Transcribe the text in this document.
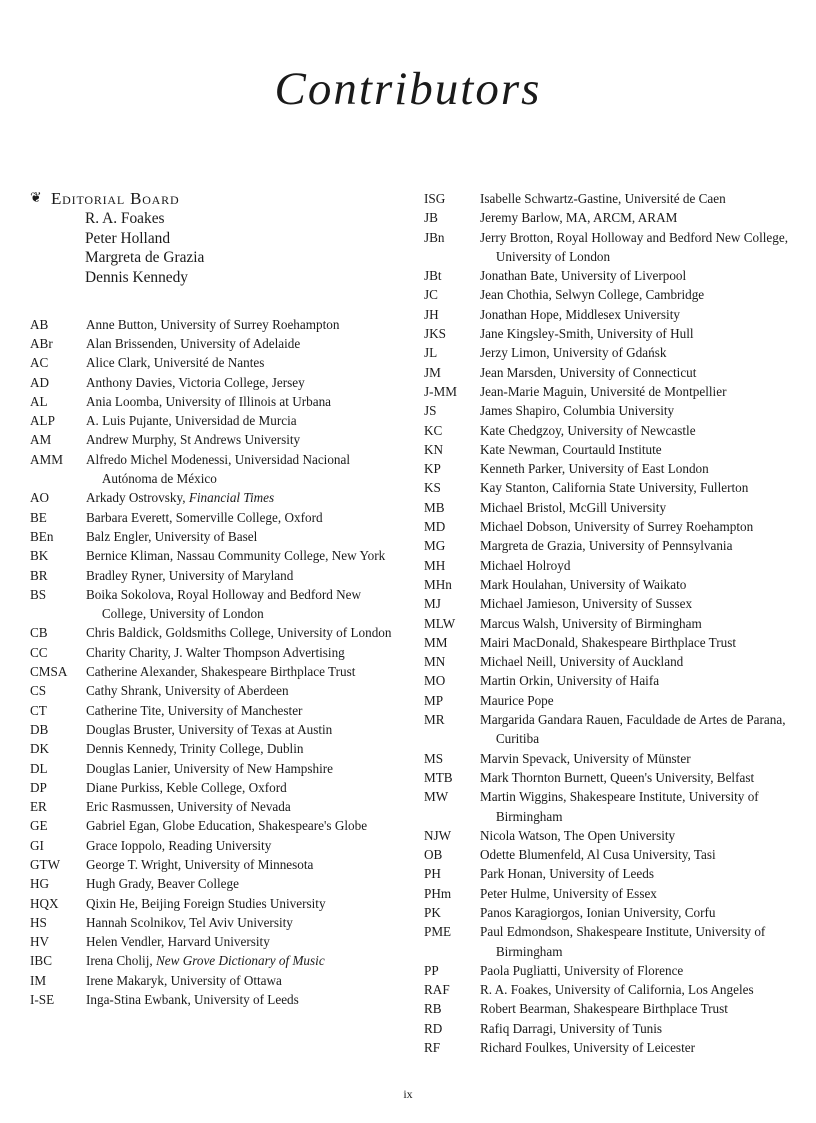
Contributors
❦ Editorial Board
R. A. Foakes
Peter Holland
Margreta de Grazia
Dennis Kennedy
AB	Anne Button, University of Surrey Roehampton
ABr	Alan Brissenden, University of Adelaide
AC	Alice Clark, Université de Nantes
AD	Anthony Davies, Victoria College, Jersey
AL	Ania Loomba, University of Illinois at Urbana
ALP	A. Luis Pujante, Universidad de Murcia
AM	Andrew Murphy, St Andrews University
AMM	Alfredo Michel Modenessi, Universidad Nacional Autónoma de México
AO	Arkady Ostrovsky, Financial Times
BE	Barbara Everett, Somerville College, Oxford
BEn	Balz Engler, University of Basel
BK	Bernice Kliman, Nassau Community College, New York
BR	Bradley Ryner, University of Maryland
BS	Boika Sokolova, Royal Holloway and Bedford New College, University of London
CB	Chris Baldick, Goldsmiths College, University of London
CC	Charity Charity, J. Walter Thompson Advertising
CMSA	Catherine Alexander, Shakespeare Birthplace Trust
CS	Cathy Shrank, University of Aberdeen
CT	Catherine Tite, University of Manchester
DB	Douglas Bruster, University of Texas at Austin
DK	Dennis Kennedy, Trinity College, Dublin
DL	Douglas Lanier, University of New Hampshire
DP	Diane Purkiss, Keble College, Oxford
ER	Eric Rasmussen, University of Nevada
GE	Gabriel Egan, Globe Education, Shakespeare's Globe
GI	Grace Ioppolo, Reading University
GTW	George T. Wright, University of Minnesota
HG	Hugh Grady, Beaver College
HQX	Qixin He, Beijing Foreign Studies University
HS	Hannah Scolnikov, Tel Aviv University
HV	Helen Vendler, Harvard University
IBC	Irena Cholij, New Grove Dictionary of Music
IM	Irene Makaryk, University of Ottawa
I-SE	Inga-Stina Ewbank, University of Leeds
ISG	Isabelle Schwartz-Gastine, Université de Caen
JB	Jeremy Barlow, MA, ARCM, ARAM
JBn	Jerry Brotton, Royal Holloway and Bedford New College, University of London
JBt	Jonathan Bate, University of Liverpool
JC	Jean Chothia, Selwyn College, Cambridge
JH	Jonathan Hope, Middlesex University
JKS	Jane Kingsley-Smith, University of Hull
JL	Jerzy Limon, University of Gdańsk
JM	Jean Marsden, University of Connecticut
J-MM	Jean-Marie Maguin, Université de Montpellier
JS	James Shapiro, Columbia University
KC	Kate Chedgzoy, University of Newcastle
KN	Kate Newman, Courtauld Institute
KP	Kenneth Parker, University of East London
KS	Kay Stanton, California State University, Fullerton
MB	Michael Bristol, McGill University
MD	Michael Dobson, University of Surrey Roehampton
MG	Margreta de Grazia, University of Pennsylvania
MH	Michael Holroyd
MHn	Mark Houlahan, University of Waikato
MJ	Michael Jamieson, University of Sussex
MLW	Marcus Walsh, University of Birmingham
MM	Mairi MacDonald, Shakespeare Birthplace Trust
MN	Michael Neill, University of Auckland
MO	Martin Orkin, University of Haifa
MP	Maurice Pope
MR	Margarida Gandara Rauen, Faculdade de Artes de Parana, Curitiba
MS	Marvin Spevack, University of Münster
MTB	Mark Thornton Burnett, Queen's University, Belfast
MW	Martin Wiggins, Shakespeare Institute, University of Birmingham
NJW	Nicola Watson, The Open University
OB	Odette Blumenfeld, Al Cusa University, Tasi
PH	Park Honan, University of Leeds
PHm	Peter Hulme, University of Essex
PK	Panos Karagiorgos, Ionian University, Corfu
PME	Paul Edmondson, Shakespeare Institute, University of Birmingham
PP	Paola Pugliatti, University of Florence
RAF	R. A. Foakes, University of California, Los Angeles
RB	Robert Bearman, Shakespeare Birthplace Trust
RD	Rafiq Darragi, University of Tunis
RF	Richard Foulkes, University of Leicester
ix
